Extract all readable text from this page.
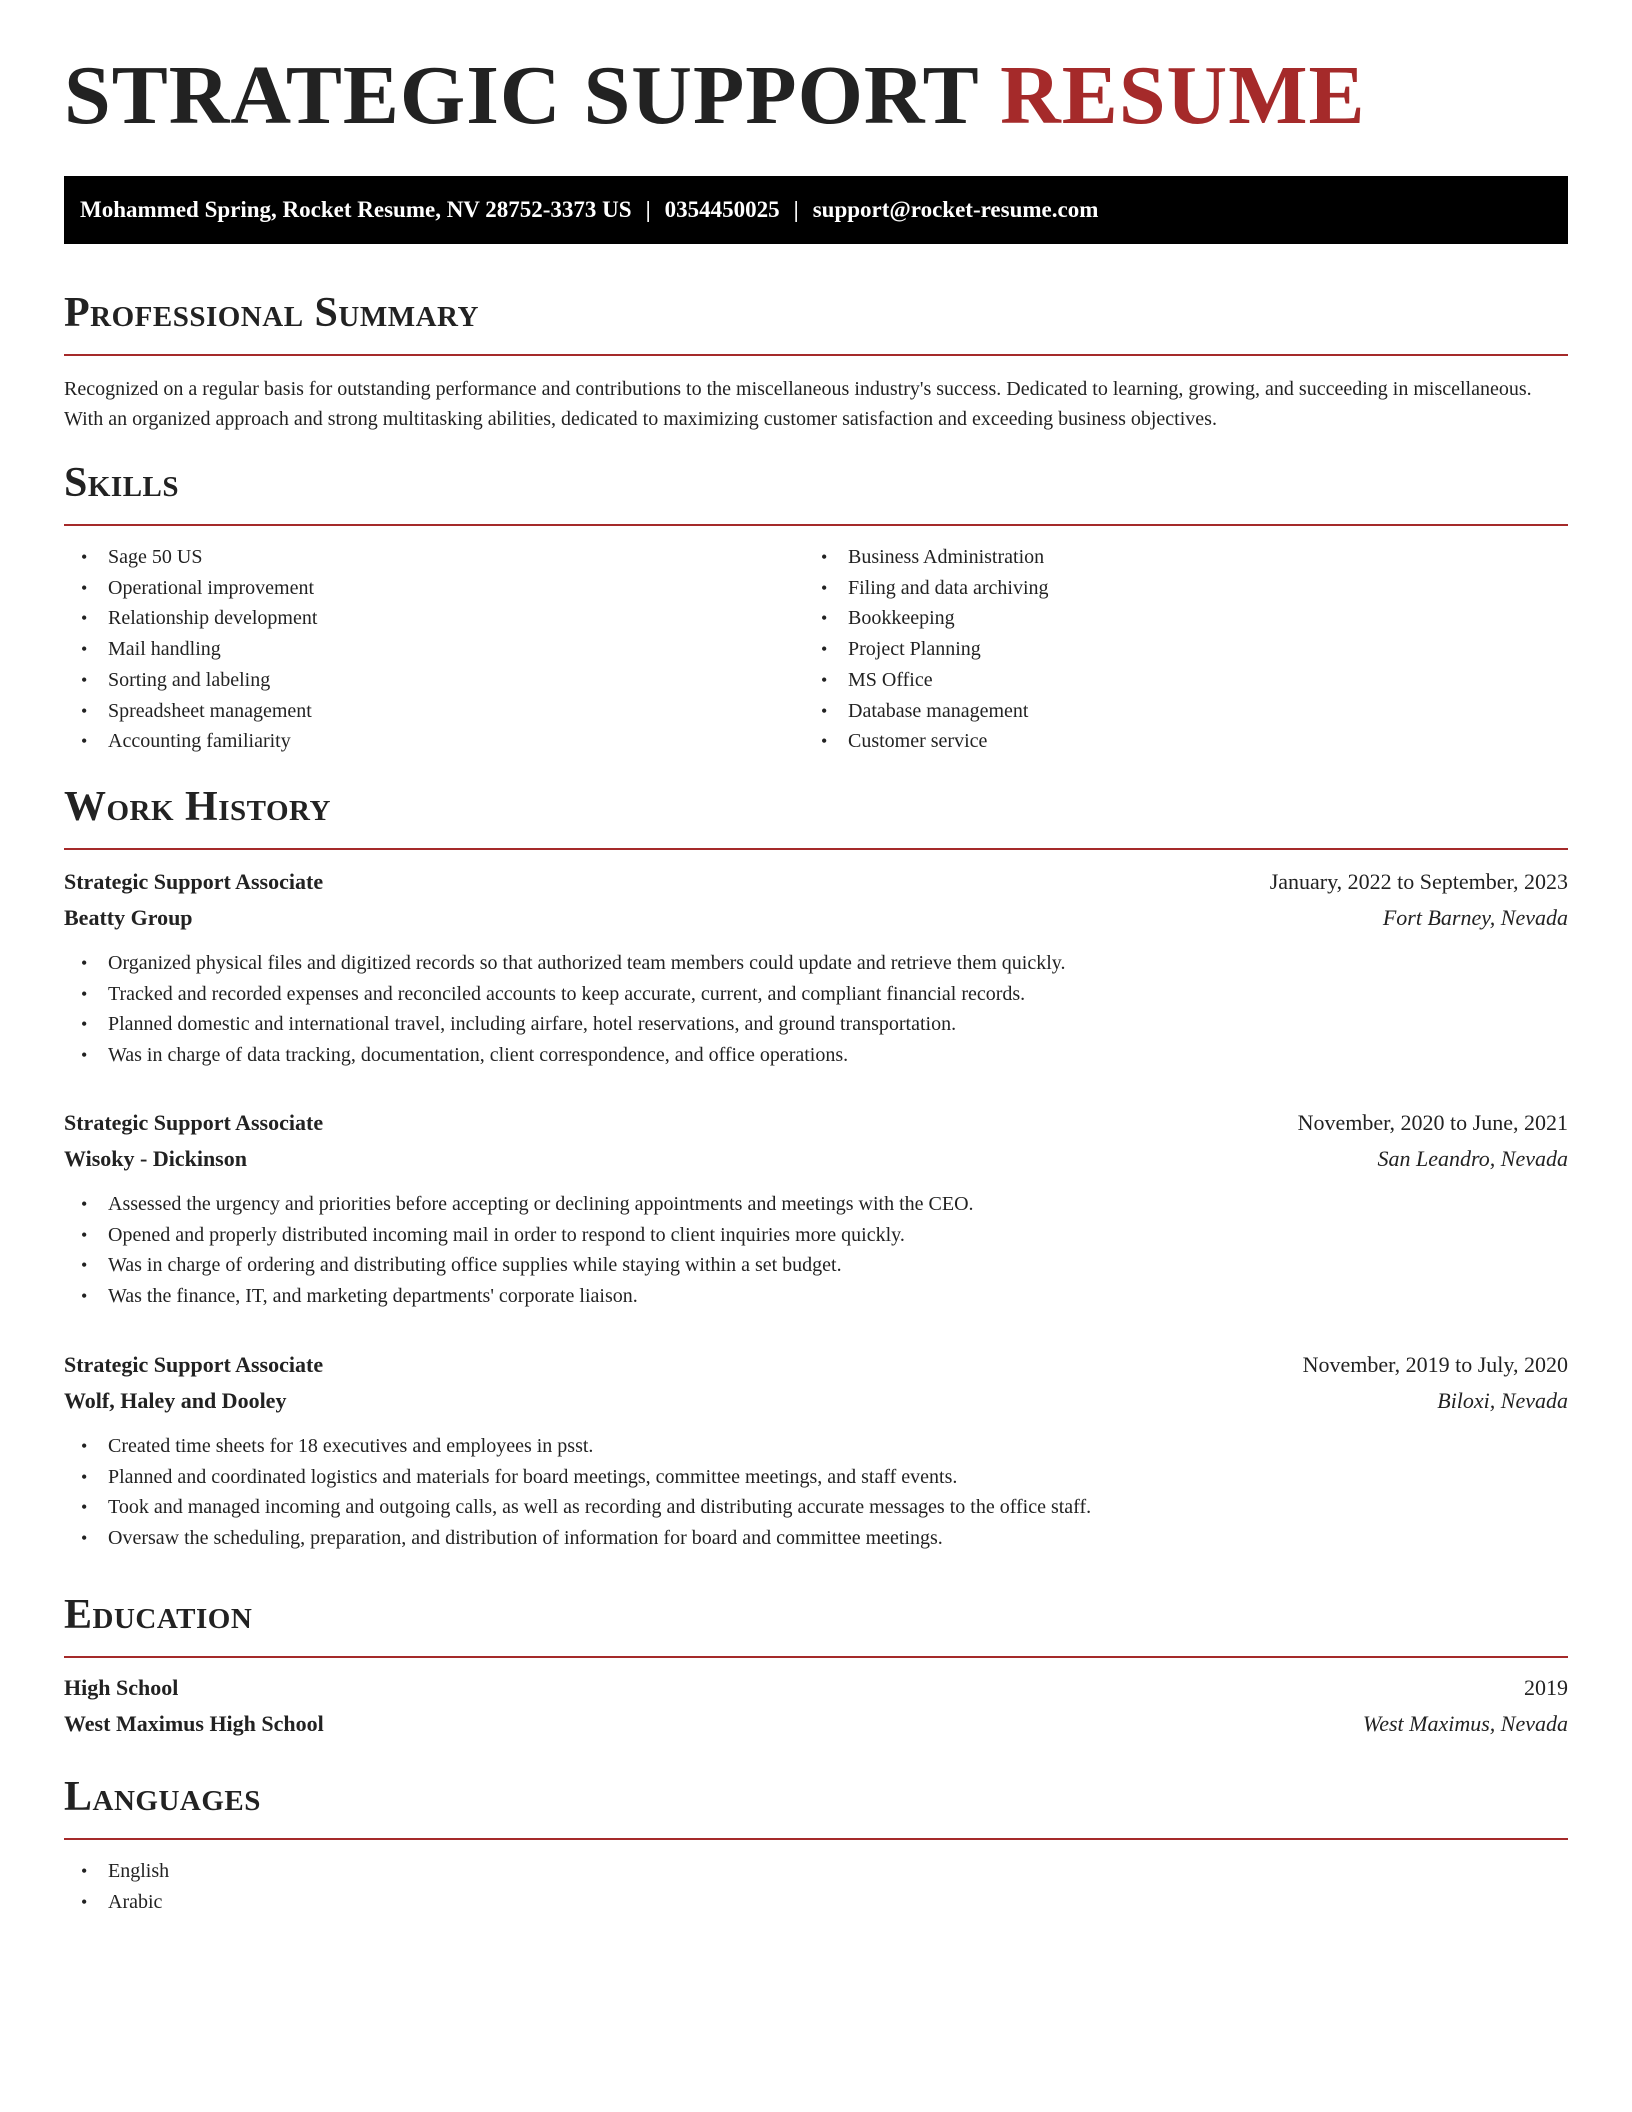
STRATEGIC SUPPORT RESUME
Mohammed Spring, Rocket Resume, NV 28752-3373 US | 0354450025 | support@rocket-resume.com
Professional Summary

Recognized on a regular basis for outstanding performance and contributions to the miscellaneous industry's success. Dedicated to learning, growing, and succeeding in miscellaneous. With an organized approach and strong multitasking abilities, dedicated to maximizing customer satisfaction and exceeding business objectives.

Skills
• Sage 50 US
• Operational improvement
• Relationship development
• Mail handling
• Sorting and labeling
• Spreadsheet management
• Accounting familiarity
• Business Administration
• Filing and data archiving
• Bookkeeping
• Project Planning
• MS Office
• Database management
• Customer service
Work History
Strategic Support Associate	January, 2022 to September, 2023
Beatty Group	Fort Barney, Nevada
• Organized physical files and digitized records so that authorized team members could update and retrieve them quickly.
• Tracked and recorded expenses and reconciled accounts to keep accurate, current, and compliant financial records.
• Planned domestic and international travel, including airfare, hotel reservations, and ground transportation.
• Was in charge of data tracking, documentation, client correspondence, and office operations.
Strategic Support Associate	November, 2020 to June, 2021
Wisoky - Dickinson	San Leandro, Nevada
• Assessed the urgency and priorities before accepting or declining appointments and meetings with the CEO.
• Opened and properly distributed incoming mail in order to respond to client inquiries more quickly.
• Was in charge of ordering and distributing office supplies while staying within a set budget.
• Was the finance, IT, and marketing departments' corporate liaison.
Strategic Support Associate	November, 2019 to July, 2020
Wolf, Haley and Dooley	Biloxi, Nevada
• Created time sheets for 18 executives and employees in psst.
• Planned and coordinated logistics and materials for board meetings, committee meetings, and staff events.
• Took and managed incoming and outgoing calls, as well as recording and distributing accurate messages to the office staff.
• Oversaw the scheduling, preparation, and distribution of information for board and committee meetings.
Education
High School	2019
West Maximus High School	West Maximus, Nevada
Languages
• English
• Arabic
